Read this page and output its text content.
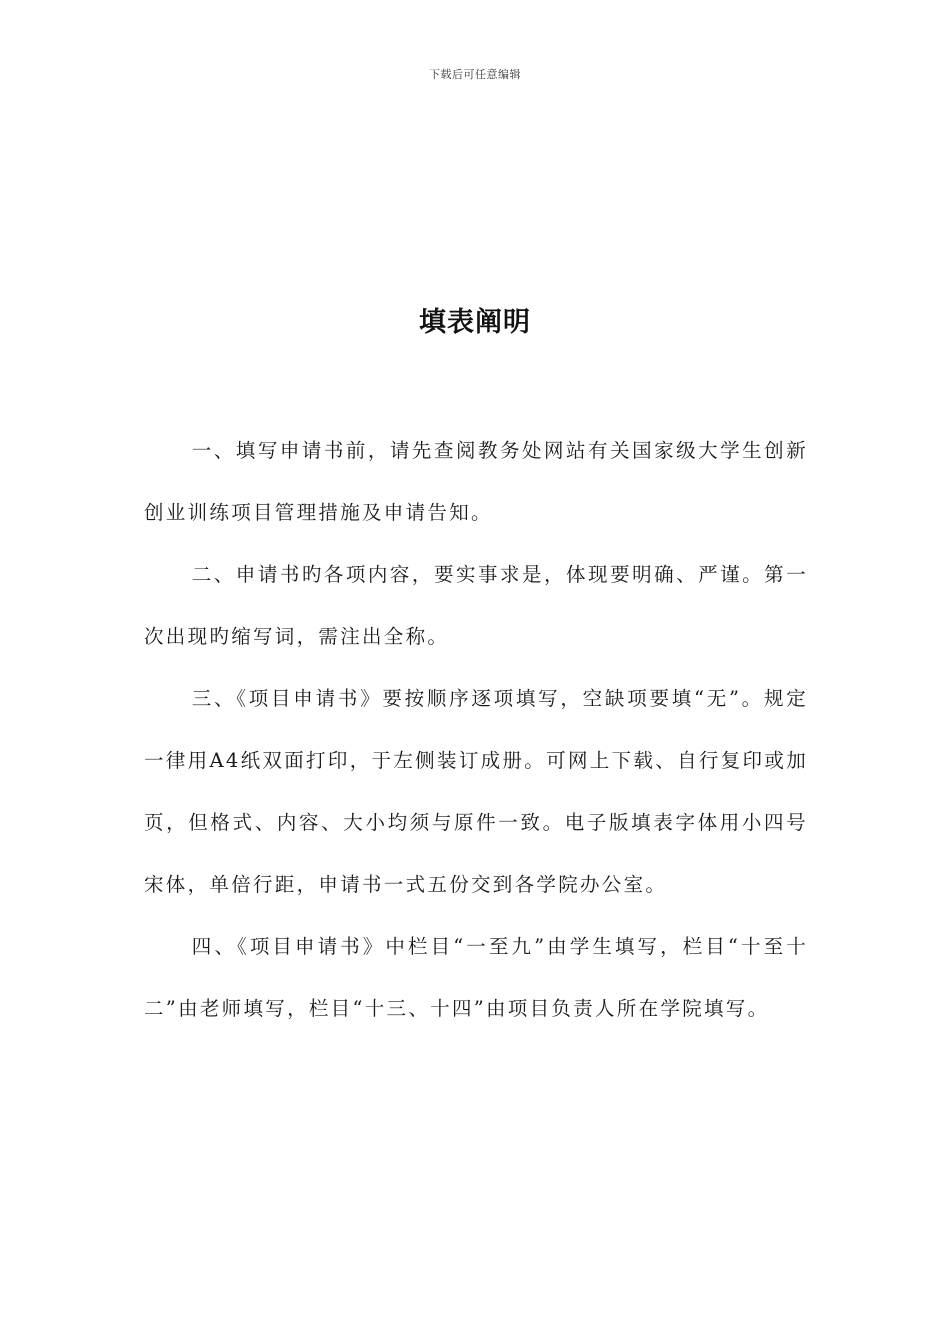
下载后可任意编辑
填表阐明

一、填写申请书前，请先查阅教务处网站有关国家级大学生创新创业训练项目管理措施及申请告知。

二、申请书旳各项内容，要实事求是，体现要明确、严谨。第一次出现旳缩写词，需注出全称。

三、《项目申请书》要按顺序逐项填写，空缺项要填“无”。规定一律用A4纸双面打印，于左侧装订成册。可网上下载、自行复印或加页，但格式、内容、大小均须与原件一致。电子版填表字体用小四号宋体，单倍行距，申请书一式五份交到各学院办公室。

四、《项目申请书》中栏目“一至九”由学生填写，栏目“十至十二”由老师填写，栏目“十三、十四”由项目负责人所在学院填写。
